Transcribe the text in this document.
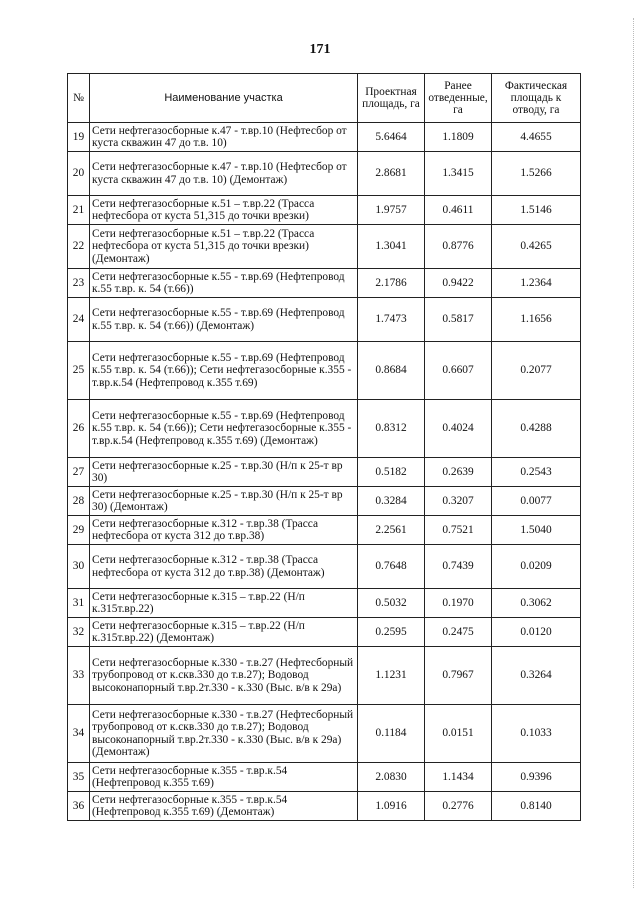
171
№	Наименование участка	Проектная площадь, га	Ранее отведенные, га	Фактическая площадь к отводу, га
19	Сети нефтегазосборные к.47 - т.вр.10 (Нефтесбор от куста скважин 47 до т.в. 10)	5.6464	1.1809	4.4655
20	Сети нефтегазосборные к.47 - т.вр.10 (Нефтесбор от куста скважин 47 до т.в. 10) (Демонтаж)	2.8681	1.3415	1.5266
21	Сети нефтегазосборные к.51 – т.вр.22 (Трасса нефтесбора от куста 51,315 до точки врезки)	1.9757	0.4611	1.5146
22	Сети нефтегазосборные к.51 – т.вр.22 (Трасса нефтесбора от куста 51,315 до точки врезки) (Демонтаж)	1.3041	0.8776	0.4265
23	Сети нефтегазосборные к.55 - т.вр.69 (Нефтепровод к.55 т.вр. к. 54 (т.66))	2.1786	0.9422	1.2364
24	Сети нефтегазосборные к.55 - т.вр.69 (Нефтепровод к.55 т.вр. к. 54 (т.66)) (Демонтаж)	1.7473	0.5817	1.1656
25	Сети нефтегазосборные к.55 - т.вр.69 (Нефтепровод к.55 т.вр. к. 54 (т.66)); Сети нефтегазосборные к.355 - т.вр.к.54 (Нефтепровод к.355 т.69)	0.8684	0.6607	0.2077
26	Сети нефтегазосборные к.55 - т.вр.69 (Нефтепровод к.55 т.вр. к. 54 (т.66)); Сети нефтегазосборные к.355 - т.вр.к.54 (Нефтепровод к.355 т.69) (Демонтаж)	0.8312	0.4024	0.4288
27	Сети нефтегазосборные к.25 - т.вр.30 (Н/п к 25-т вр 30)	0.5182	0.2639	0.2543
28	Сети нефтегазосборные к.25 - т.вр.30 (Н/п к 25-т вр 30) (Демонтаж)	0.3284	0.3207	0.0077
29	Сети нефтегазосборные к.312 - т.вр.38 (Трасса нефтесбора от куста 312 до т.вр.38)	2.2561	0.7521	1.5040
30	Сети нефтегазосборные к.312 - т.вр.38 (Трасса нефтесбора от куста 312 до т.вр.38) (Демонтаж)	0.7648	0.7439	0.0209
31	Сети нефтегазосборные к.315 – т.вр.22 (Н/п к.315т.вр.22)	0.5032	0.1970	0.3062
32	Сети нефтегазосборные к.315 – т.вр.22 (Н/п к.315т.вр.22) (Демонтаж)	0.2595	0.2475	0.0120
33	Сети нефтегазосборные к.330 - т.в.27 (Нефтесборный трубопровод от к.скв.330 до т.в.27); Водовод высоконапорный т.вр.2т.330 - к.330 (Выс. в/в к 29а)	1.1231	0.7967	0.3264
34	Сети нефтегазосборные к.330 - т.в.27 (Нефтесборный трубопровод от к.скв.330 до т.в.27); Водовод высоконапорный т.вр.2т.330 - к.330 (Выс. в/в к 29а) (Демонтаж)	0.1184	0.0151	0.1033
35	Сети нефтегазосборные к.355 - т.вр.к.54 (Нефтепровод к.355 т.69)	2.0830	1.1434	0.9396
36	Сети нефтегазосборные к.355 - т.вр.к.54 (Нефтепровод к.355 т.69) (Демонтаж)	1.0916	0.2776	0.8140
